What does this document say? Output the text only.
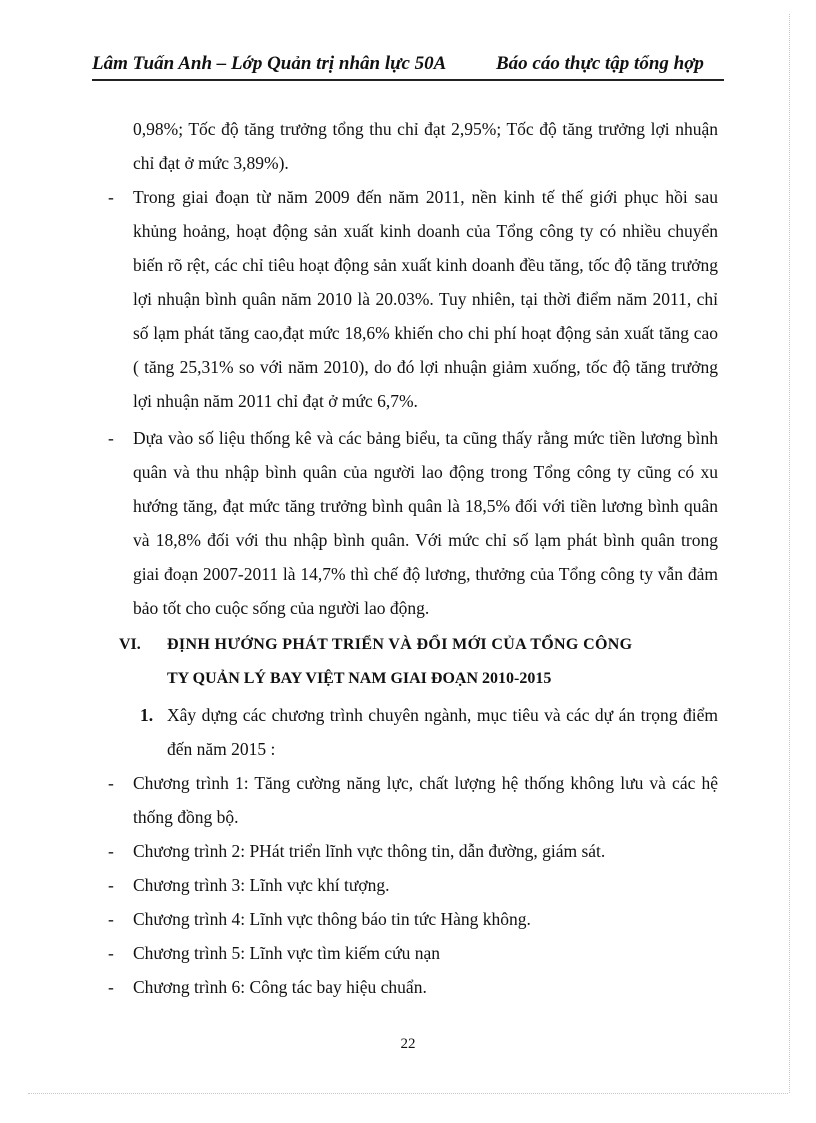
Lâm Tuấn Anh – Lớp Quản trị nhân lực 50A	Báo cáo thực tập tổng hợp
0,98%; Tốc độ tăng trưởng tổng thu chỉ đạt 2,95%; Tốc độ tăng trưởng lợi nhuận chỉ đạt ở mức 3,89%).
- Trong giai đoạn từ năm 2009 đến năm 2011, nền kinh tế thế giới phục hồi sau khủng hoảng, hoạt động sản xuất kinh doanh của Tổng công ty có nhiều chuyển biến rõ rệt, các chỉ tiêu hoạt động sản xuất kinh doanh đều tăng, tốc độ tăng trưởng lợi nhuận bình quân năm 2010 là 20.03%. Tuy nhiên, tại thời điểm năm 2011, chỉ số lạm phát tăng cao,đạt mức 18,6% khiến cho chi phí hoạt động sản xuất tăng cao ( tăng 25,31% so với năm 2010), do đó lợi nhuận giảm xuống, tốc độ tăng trưởng lợi nhuận năm 2011 chỉ đạt ở mức 6,7%.
- Dựa vào số liệu thống kê và các bảng biểu, ta cũng thấy rằng mức tiền lương bình quân và thu nhập bình quân của người lao động trong Tổng công ty cũng có xu hướng tăng, đạt mức tăng trưởng bình quân là 18,5% đối với tiền lương bình quân và 18,8% đối với thu nhập bình quân. Với mức chỉ số lạm phát bình quân trong giai đoạn 2007-2011 là 14,7% thì chế độ lương, thưởng của Tổng công ty vẫn đảm bảo tốt cho cuộc sống của người lao động.
VI. ĐỊNH HƯỚNG PHÁT TRIỂN VÀ ĐỔI MỚI CỦA TỔNG CÔNG
TY QUẢN LÝ BAY VIỆT NAM GIAI ĐOẠN 2010-2015
1. Xây dựng các chương trình chuyên ngành, mục tiêu và các dự án trọng điểm đến năm 2015 :
- Chương trình 1: Tăng cường năng lực, chất lượng hệ thống không lưu và các hệ thống đồng bộ.
- Chương trình 2: PHát triển lĩnh vực thông tin, dẫn đường, giám sát.
- Chương trình 3: Lĩnh vực khí tượng.
- Chương trình 4: Lĩnh vực thông báo tin tức Hàng không.
- Chương trình 5: Lĩnh vực tìm kiếm cứu nạn
- Chương trình 6: Công tác bay hiệu chuẩn.
22
